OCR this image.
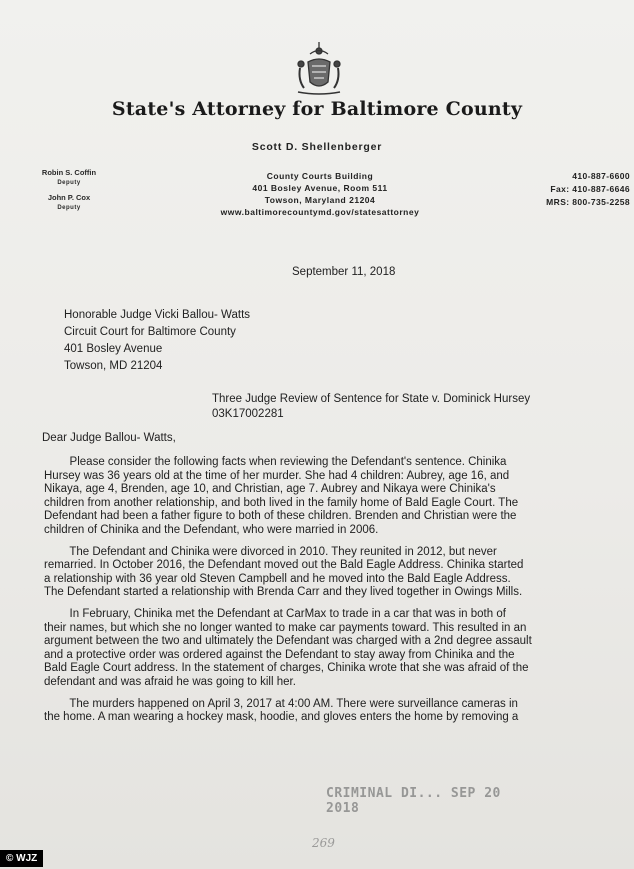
State's Attorney for Baltimore County
Scott D. Shellenberger
Robin S. Coffin
Deputy
John P. Cox
Deputy
County Courts Building
401 Bosley Avenue, Room 511
Towson, Maryland 21204
www.baltimorecountymd.gov/statesattorney
410-887-6600
Fax: 410-887-6646
MRS: 800-735-2258
September 11, 2018
Honorable Judge Vicki Ballou- Watts
Circuit Court for Baltimore County
401 Bosley Avenue
Towson, MD 21204
Three Judge Review of Sentence for State v. Dominick Hursey
03K17002281
Dear Judge Ballou- Watts,
Please consider the following facts when reviewing the Defendant's sentence. Chinika
Hursey was 36 years old at the time of her murder. She had 4 children: Aubrey, age 16, and
Nikaya, age 4, Brenden, age 10, and Christian, age 7. Aubrey and Nikaya were Chinika's
children from another relationship, and both lived in the family home of Bald Eagle Court. The
Defendant had been a father figure to both of these children. Brenden and Christian were the
children of Chinika and the Defendant, who were married in 2006.
The Defendant and Chinika were divorced in 2010. They reunited in 2012, but never
remarried. In October 2016, the Defendant moved out the Bald Eagle Address. Chinika started
a relationship with 36 year old Steven Campbell and he moved into the Bald Eagle Address.
The Defendant started a relationship with Brenda Carr and they lived together in Owings Mills.
In February, Chinika met the Defendant at CarMax to trade in a car that was in both of
their names, but which she no longer wanted to make car payments toward. This resulted in an
argument between the two and ultimately the Defendant was charged with a 2nd degree assault
and a protective order was ordered against the Defendant to stay away from Chinika and the
Bald Eagle Court address. In the statement of charges, Chinika wrote that she was afraid of the
defendant and was afraid he was going to kill her.
The murders happened on April 3, 2017 at 4:00 AM. There were surveillance cameras in
the home. A man wearing a hockey mask, hoodie, and gloves enters the home by removing a
CRIMINAL DI... SEP 20 2018
269
© WJZ
